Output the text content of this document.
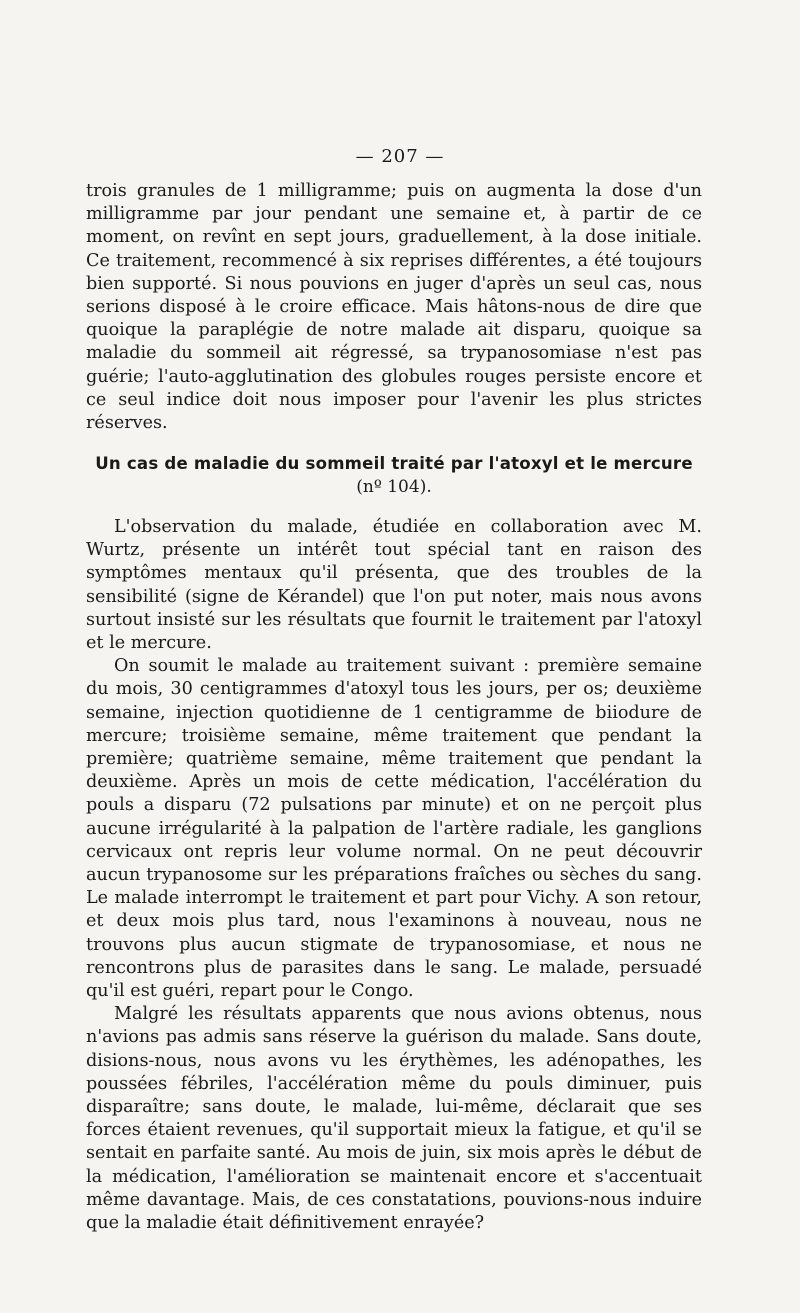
— 207 —

trois granules de 1 milligramme; puis on augmenta la dose d'un milligramme par jour pendant une semaine et, à partir de ce moment, on revînt en sept jours, graduellement, à la dose initiale. Ce traitement, recommencé à six reprises différentes, a été toujours bien supporté. Si nous pouvions en juger d'après un seul cas, nous serions disposé à le croire efficace. Mais hâtons-nous de dire que quoique la paraplégie de notre malade ait disparu, quoique sa maladie du sommeil ait régressé, sa trypanosomiase n'est pas guérie; l'auto-agglutination des globules rouges persiste encore et ce seul indice doit nous imposer pour l'avenir les plus strictes réserves.

Un cas de maladie du sommeil traité par l'atoxyl et le mercure
(nº 104).

L'observation du malade, étudiée en collaboration avec M. Wurtz, présente un intérêt tout spécial tant en raison des symptômes mentaux qu'il présenta, que des troubles de la sensibilité (signe de Kérandel) que l'on put noter, mais nous avons surtout insisté sur les résultats que fournit le traitement par l'atoxyl et le mercure.

On soumit le malade au traitement suivant : première semaine du mois, 30 centigrammes d'atoxyl tous les jours, per os; deuxième semaine, injection quotidienne de 1 centigramme de biiodure de mercure; troisième semaine, même traitement que pendant la première; quatrième semaine, même traitement que pendant la deuxième. Après un mois de cette médication, l'accélération du pouls a disparu (72 pulsations par minute) et on ne perçoit plus aucune irrégularité à la palpation de l'artère radiale, les ganglions cervicaux ont repris leur volume normal. On ne peut découvrir aucun trypanosome sur les préparations fraîches ou sèches du sang. Le malade interrompt le traitement et part pour Vichy. A son retour, et deux mois plus tard, nous l'examinons à nouveau, nous ne trouvons plus aucun stigmate de trypanosomiase, et nous ne rencontrons plus de parasites dans le sang. Le malade, persuadé qu'il est guéri, repart pour le Congo.

Malgré les résultats apparents que nous avions obtenus, nous n'avions pas admis sans réserve la guérison du malade. Sans doute, disions-nous, nous avons vu les érythèmes, les adénopathes, les poussées fébriles, l'accélération même du pouls diminuer, puis disparaître; sans doute, le malade, lui-même, déclarait que ses forces étaient revenues, qu'il supportait mieux la fatigue, et qu'il se sentait en parfaite santé. Au mois de juin, six mois après le début de la médication, l'amélioration se maintenait encore et s'accentuait même davantage. Mais, de ces constatations, pouvions-nous induire que la maladie était définitivement enrayée?
